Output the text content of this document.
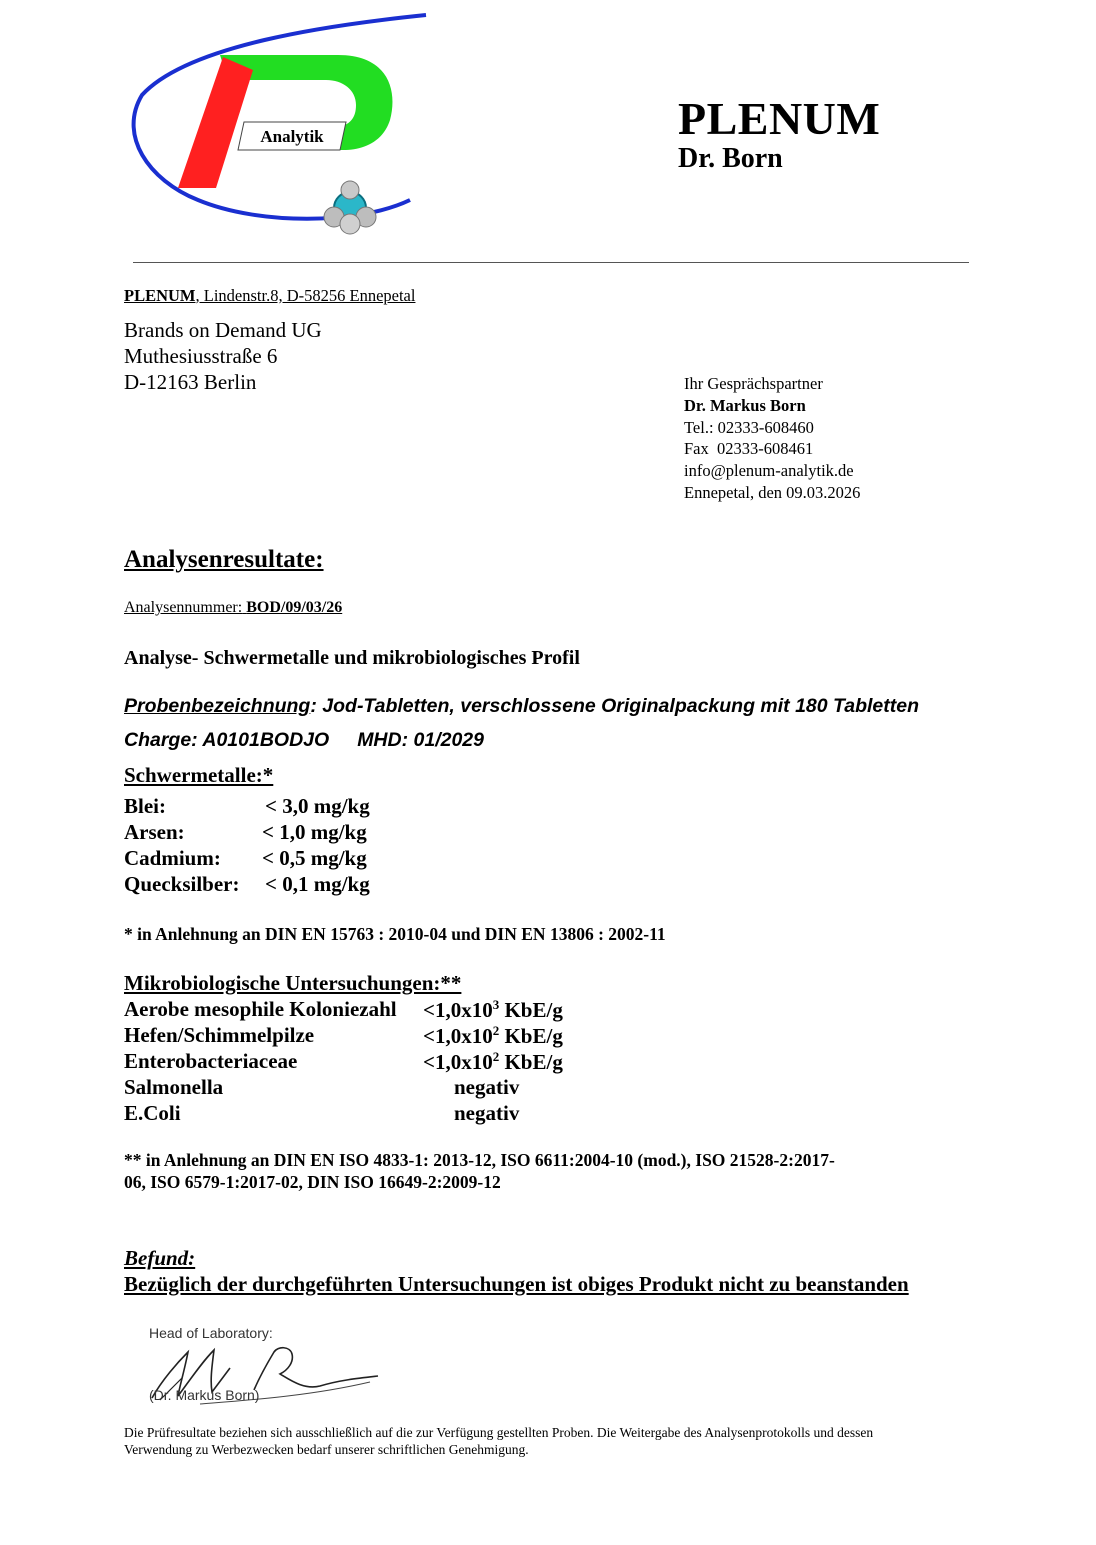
Analytik	PLENUM
Dr. Born
PLENUM, Lindenstr.8, D-58256 Ennepetal
Brands on Demand UG
Muthesiusstraße 6
D-12163 Berlin	Ihr Gesprächspartner
Dr. Markus Born
Tel.: 02333-608460
Fax  02333-608461
info@plenum-analytik.de
Ennepetal, den 09.03.2026
Analysenresultate:
Analysennummer: BOD/09/03/26
Analyse- Schwermetalle und mikrobiologisches Profil
Probenbezeichnung: Jod-Tabletten, verschlossene Originalpackung mit 180 Tabletten
Charge: A0101BODJO MHD: 01/2029
Schwermetalle:*
Blei:	< 3,0 mg/kg
Arsen:	< 1,0 mg/kg
Cadmium: < 0,5 mg/kg
Quecksilber: < 0,1 mg/kg
* in Anlehnung an DIN EN 15763 : 2010-04 und DIN EN 13806 : 2002-11
Mikrobiologische Untersuchungen:**
Aerobe mesophile Koloniezahl $<1,0x10^3$ KbE/g
Hefen/Schimmelpilze	$<1,0x10^2$ KbE/g
Enterobacteriaceae	$<1,0x10^2$ KbE/g
Salmonella	negativ
E.Coli	negativ
** in Anlehnung an DIN EN ISO 4833-1: 2013-12, ISO 6611:2004-10 (mod.), ISO 21528-2:2017-
06, ISO 6579-1:2017-02, DIN ISO 16649-2:2009-12
Befund:
Bezüglich der durchgeführten Untersuchungen ist obiges Produkt nicht zu beanstanden
Head of Laboratory:
(Dr. Markus Born)
Die Prüfresultate beziehen sich ausschließlich auf die zur Verfügung gestellten Proben. Die Weitergabe des Analysenprotokolls und dessen
Verwendung zu Werbezwecken bedarf unserer schriftlichen Genehmigung.
